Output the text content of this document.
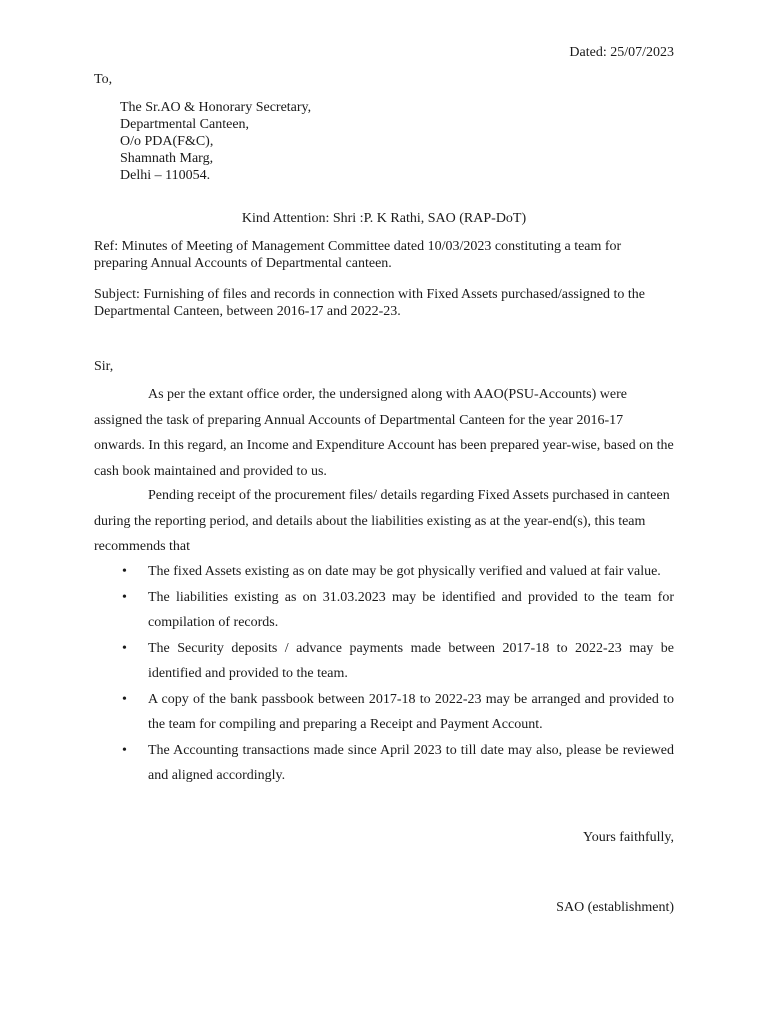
Dated: 25/07/2023
To,
The Sr.AO & Honorary Secretary,
Departmental Canteen,
O/o PDA(F&C),
Shamnath Marg,
Delhi – 110054.
Kind Attention: Shri :P. K Rathi, SAO (RAP-DoT)
Ref: Minutes of Meeting of Management Committee dated 10/03/2023 constituting a team for preparing Annual Accounts of Departmental canteen.
Subject: Furnishing of files and records in connection with Fixed Assets purchased/assigned to the Departmental Canteen, between 2016-17 and 2022-23.
Sir,
As per the extant office order, the undersigned along with AAO(PSU-Accounts) were assigned the task of preparing Annual Accounts of Departmental Canteen for the year 2016-17 onwards. In this regard, an Income and Expenditure Account has been prepared year-wise, based on the cash book maintained and provided to us.
Pending receipt of the procurement files/ details regarding Fixed Assets purchased in canteen during the reporting period, and details about the liabilities existing as at the year-end(s), this team recommends that
• The fixed Assets existing as on date may be got physically verified and valued at fair value.
• The liabilities existing as on 31.03.2023 may be identified and provided to the team for compilation of records.
• The Security deposits / advance payments made between 2017-18 to 2022-23 may be identified and provided to the team.
• A copy of the bank passbook between 2017-18 to 2022-23 may be arranged and provided to the team for compiling and preparing a Receipt and Payment Account.
• The Accounting transactions made since April 2023 to till date may also, please be reviewed and aligned accordingly.
Yours faithfully,
SAO (establishment)
